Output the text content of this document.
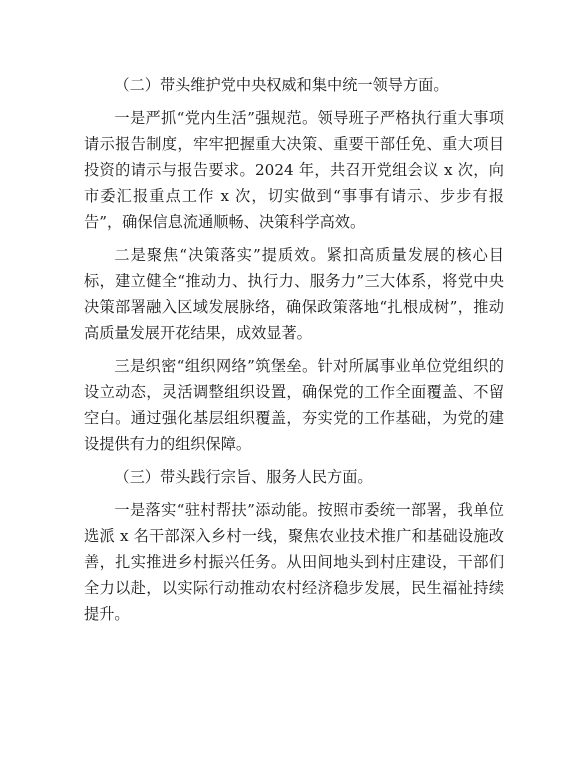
（二）带头维护党中央权威和集中统一领导方面。

一是严抓“党内生活”强规范。领导班子严格执行重大事项请示报告制度，牢牢把握重大决策、重要干部任免、重大项目投资的请示与报告要求。2024 年，共召开党组会议 x 次，向市委汇报重点工作 x 次，切实做到“事事有请示、步步有报告”，确保信息流通顺畅、决策科学高效。

二是聚焦“决策落实”提质效。紧扣高质量发展的核心目标，建立健全“推动力、执行力、服务力”三大体系，将党中央决策部署融入区域发展脉络，确保政策落地“扎根成树”，推动高质量发展开花结果，成效显著。

三是织密“组织网络”筑堡垒。针对所属事业单位党组织的设立动态，灵活调整组织设置，确保党的工作全面覆盖、不留空白。通过强化基层组织覆盖，夯实党的工作基础，为党的建设提供有力的组织保障。

（三）带头践行宗旨、服务人民方面。

一是落实“驻村帮扶”添动能。按照市委统一部署，我单位选派 x 名干部深入乡村一线，聚焦农业技术推广和基础设施改善，扎实推进乡村振兴任务。从田间地头到村庄建设，干部们全力以赴，以实际行动推动农村经济稳步发展，民生福祉持续提升。
